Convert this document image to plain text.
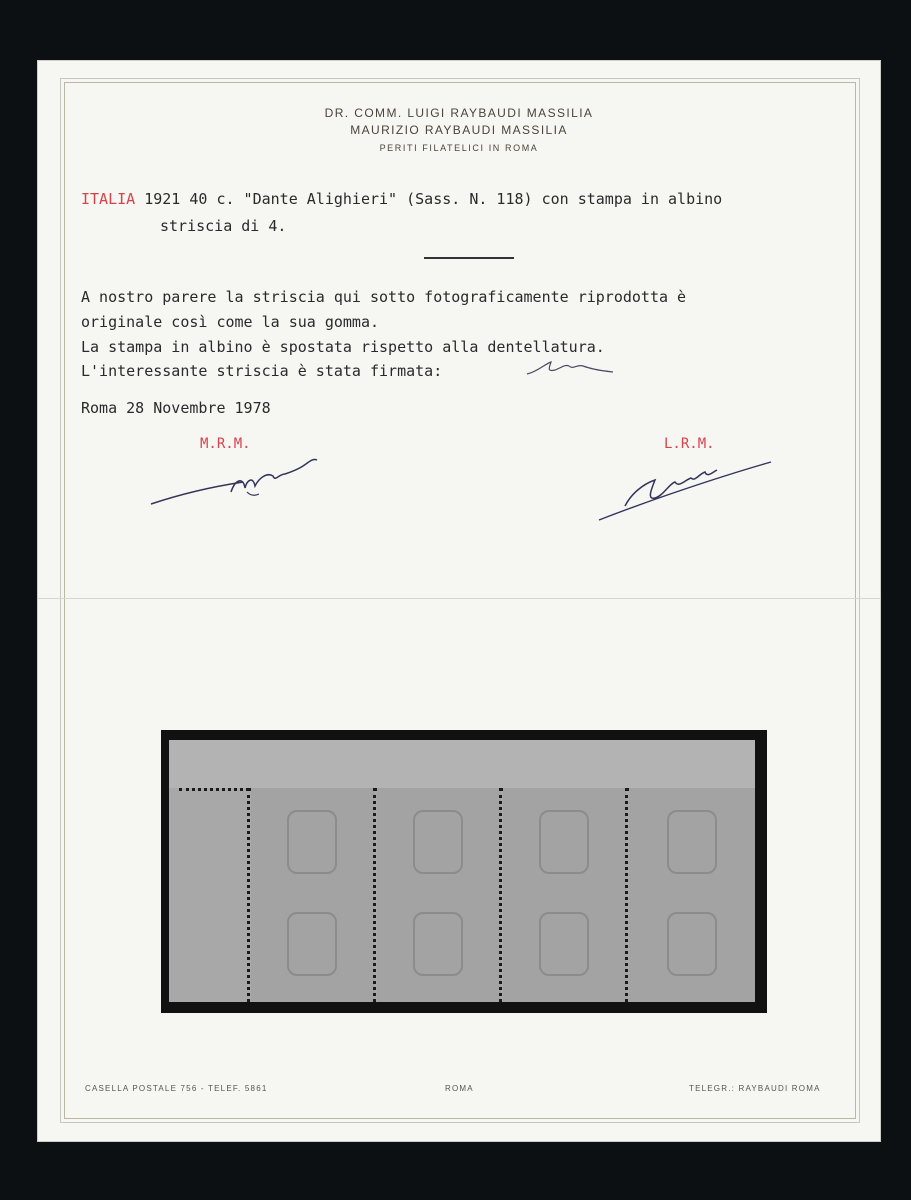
DR. COMM. LUIGI RAYBAUDI MASSILIA
MAURIZIO RAYBAUDI MASSILIA
PERITI FILATELICI IN ROMA
ITALIA 1921 40 c. "Dante Alighieri" (Sass. N. 118) con stampa in albino
striscia di 4.
A nostro parere la striscia qui sotto fotograficamente riprodotta è
originale così come la sua gomma.
La stampa in albino è spostata rispetto alla dentellatura.
L'interessante striscia è stata firmata:
Roma 28 Novembre 1978
M.R.M.	L.R.M.
CASELLA POSTALE 756 - TELEF. 5861	ROMA	TELEGR.: RAYBAUDI ROMA
